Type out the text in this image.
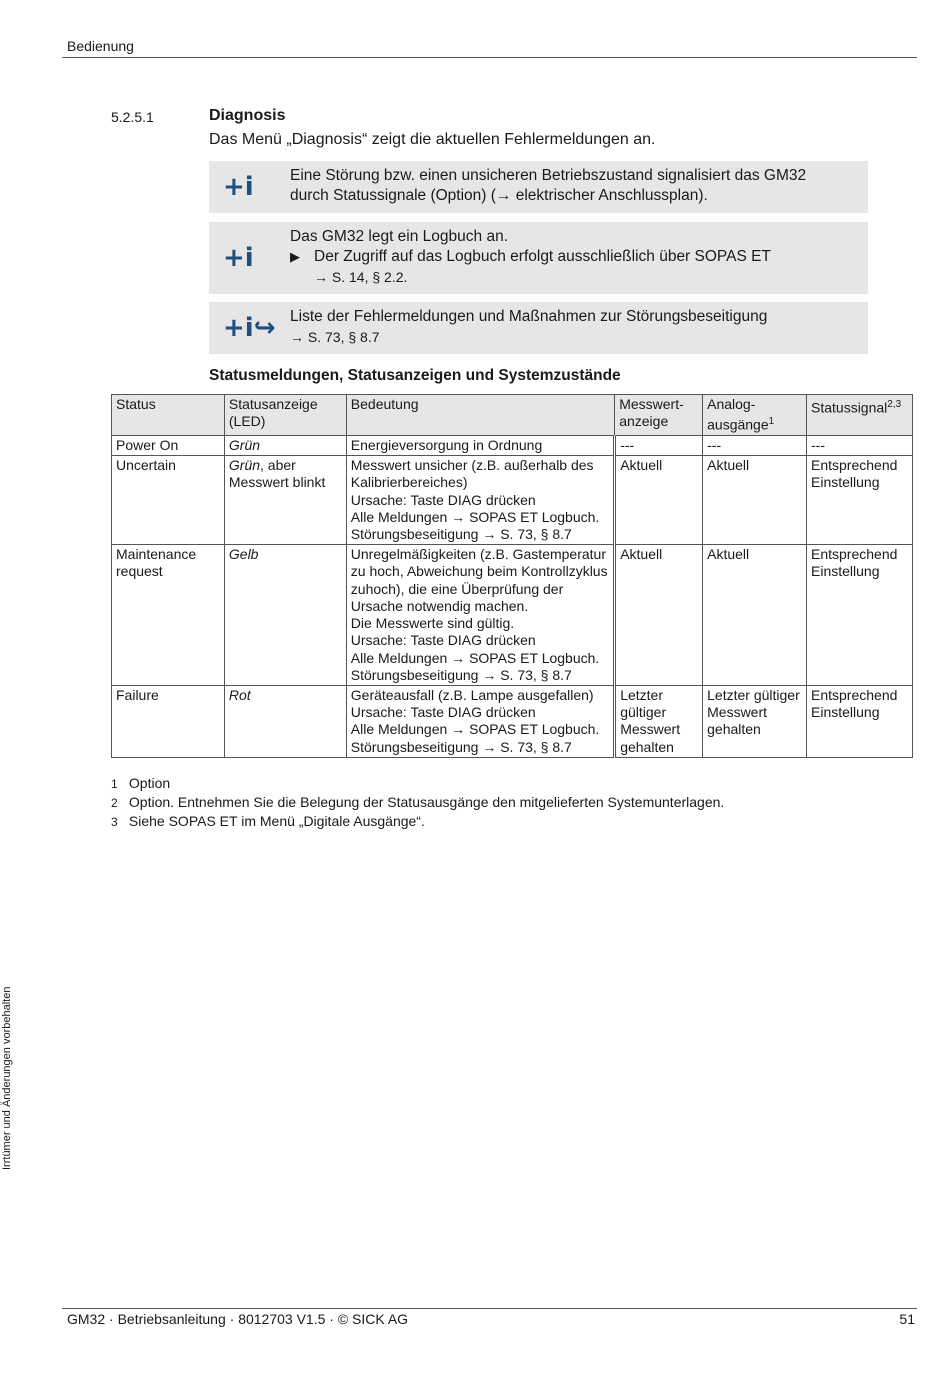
Bedienung
5.2.5.1	Diagnosis
Das Menü „Diagnosis“ zeigt die aktuellen Fehlermeldungen an.
+i	Eine Störung bzw. einen unsicheren Betriebszustand signalisiert das GM32
durch Statussignale (Option) (→ elektrischer Anschlussplan).
+i
Das GM32 legt ein Logbuch an.
▶ Der Zugriff auf das Logbuch erfolgt ausschließlich über SOPAS ET
→ S. 14, § 2.2.
+i↪ Liste der Fehlermeldungen und Maßnahmen zur Störungsbeseitigung
→ S. 73, § 8.7
Statusmeldungen, Statusanzeigen und Systemzustände
Status	Statusanzeige (LED)	Bedeutung	Messwert-anzeige	Analog-ausgänge$^1$	Statussignal$^{2,3}$
Power On	Grün	Energieversorgung in Ordnung	---	---	---
Uncertain	Grün, aber Messwert blinkt	Messwert unsicher (z.B. außerhalb des Kalibrierbereiches)
Ursache: Taste DIAG drücken
Alle Meldungen → SOPAS ET Logbuch.
Störungsbeseitigung → S. 73, § 8.7	Aktuell	Aktuell	Entsprechend Einstellung
Maintenance request	Gelb	Unregelmäßigkeiten (z.B. Gastemperatur zu hoch, Abweichung beim Kontrollzyklus zuhoch), die eine Überprüfung der Ursache notwendig machen.
Die Messwerte sind gültig.
Ursache: Taste DIAG drücken
Alle Meldungen → SOPAS ET Logbuch.
Störungsbeseitigung → S. 73, § 8.7	Aktuell	Aktuell	Entsprechend Einstellung
Failure	Rot	Geräteausfall (z.B. Lampe ausgefallen)
Ursache: Taste DIAG drücken
Alle Meldungen → SOPAS ET Logbuch.
Störungsbeseitigung → S. 73, § 8.7	Letzter gültiger Messwert gehalten	Letzter gültiger Messwert gehalten	Entsprechend Einstellung
1 Option
2 Option. Entnehmen Sie die Belegung der Statusausgänge den mitgelieferten Systemunterlagen.
3 Siehe SOPAS ET im Menü „Digitale Ausgänge“.
Irrtümer und Änderungen vorbehalten
GM32 · Betriebsanleitung · 8012703 V1.5 · © SICK AG	51
